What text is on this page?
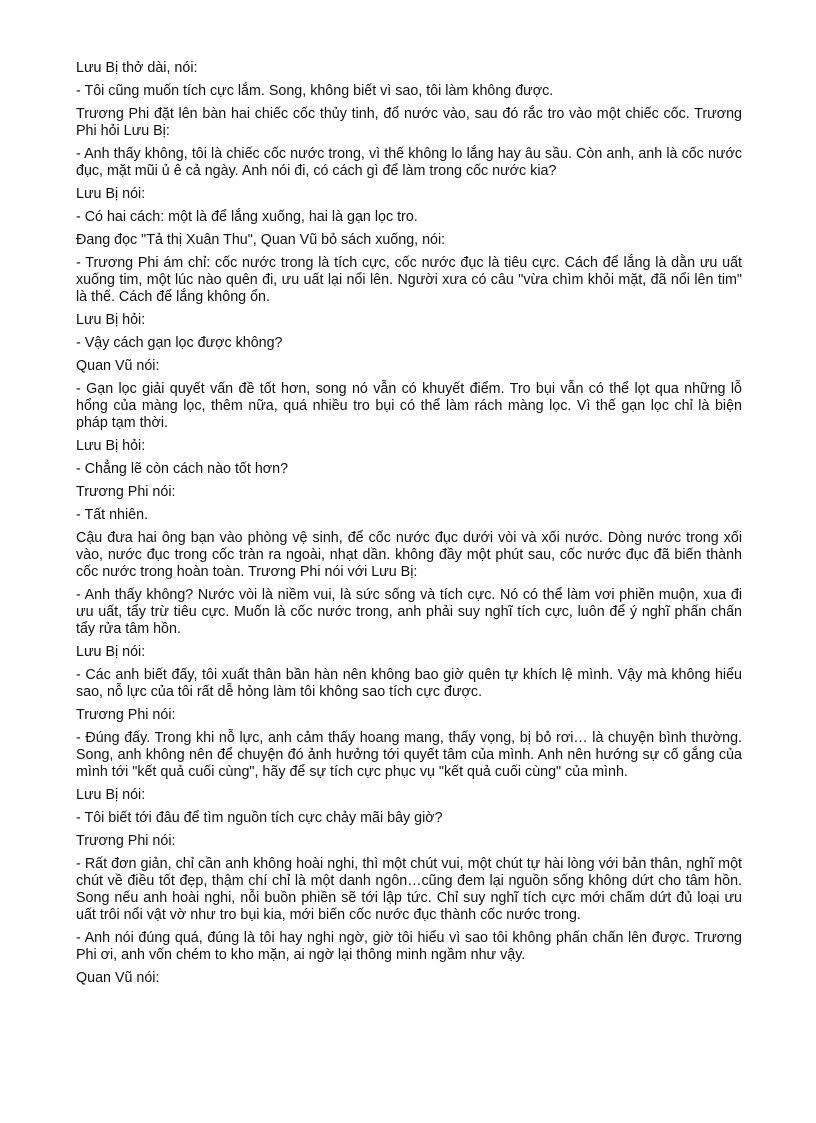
Lưu Bị thở dài, nói:

- Tôi cũng muốn tích cực lắm. Song, không biết vì sao, tôi làm không được.

Trương Phi đặt lên bàn hai chiếc cốc thủy tinh, đổ nước vào, sau đó rắc tro vào một chiếc cốc. Trương Phi hỏi Lưu Bị:

- Anh thấy không, tôi là chiếc cốc nước trong, vì thế không lo lắng hay âu sầu. Còn anh, anh là cốc nước đục, mặt mũi ủ ê cả ngày. Anh nói đi, có cách gì để làm trong cốc nước kia?

Lưu Bị nói:

- Có hai cách: một là để lắng xuống, hai là gạn lọc tro.

Đang đọc "Tả thị Xuân Thu", Quan Vũ bỏ sách xuống, nói:

- Trương Phi ám chỉ: cốc nước trong là tích cực, cốc nước đục là tiêu cực. Cách để lắng là dằn ưu uất xuống tim, một lúc nào quên đi, ưu uất lại nổi lên. Người xưa có câu "vừa chìm khỏi mặt, đã nổi lên tim" là thế. Cách để lắng không ổn.

Lưu Bị hỏi:

- Vậy cách gạn lọc được không?

Quan Vũ nói:

- Gạn lọc giải quyết vấn đề tốt hơn, song nó vẫn có khuyết điểm. Tro bụi vẫn có thể lọt qua những lỗ hổng của màng lọc, thêm nữa, quá nhiều tro bụi có thể làm rách màng lọc. Vì thế gạn lọc chỉ là biện pháp tạm thời.

Lưu Bị hỏi:

- Chẳng lẽ còn cách nào tốt hơn?

Trương Phi nói:

- Tất nhiên.

Cậu đưa hai ông bạn vào phòng vệ sinh, để cốc nước đục dưới vòi và xối nước. Dòng nước trong xối vào, nước đục trong cốc tràn ra ngoài, nhạt dần. không đầy một phút sau, cốc nước đục đã biến thành cốc nước trong hoàn toàn. Trương Phi nói với Lưu Bị:

- Anh thấy không? Nước vòi là niềm vui, là sức sống và tích cực. Nó có thể làm vơi phiền muộn, xua đi ưu uất, tẩy trừ tiêu cực. Muốn là cốc nước trong, anh phải suy nghĩ tích cực, luôn để ý nghĩ phấn chấn tẩy rửa tâm hồn.

Lưu Bị nói:

- Các anh biết đấy, tôi xuất thân bần hàn nên không bao giờ quên tự khích lệ mình. Vậy mà không hiểu sao, nỗ lực của tôi rất dễ hỏng làm tôi không sao tích cực được.

Trương Phi nói:

- Đúng đấy. Trong khi nỗ lực, anh cảm thấy hoang mang, thấy vọng, bị bỏ rơi… là chuyện bình thường. Song, anh không nên để chuyện đó ảnh hưởng tới quyết tâm của mình. Anh nên hướng sự cố gắng của mình tới "kết quả cuối cùng", hãy để sự tích cực phục vụ "kết quả cuối cùng" của mình.

Lưu Bị nói:

- Tôi biết tới đâu để tìm nguồn tích cực chảy mãi bây giờ?

Trương Phi nói:

- Rất đơn giản, chỉ cần anh không hoài nghi, thì một chút vui, một chút tự hài lòng với bản thân, nghĩ một chút về điều tốt đẹp, thậm chí chỉ là một danh ngôn…cũng đem lại nguồn sống không dứt cho tâm hồn. Song nếu anh hoài nghi, nỗi buồn phiền sẽ tới lập tức. Chỉ suy nghĩ tích cực mới chấm dứt đủ loại ưu uất trôi nổi vật vờ như tro bụi kia, mới biến cốc nước đục thành cốc nước trong.

- Anh nói đúng quá, đúng là tôi hay nghi ngờ, giờ tôi hiểu vì sao tôi không phấn chấn lên được. Trương Phi ơi, anh vốn chém to kho mặn, ai ngờ lại thông minh ngầm như vậy.

Quan Vũ nói:
